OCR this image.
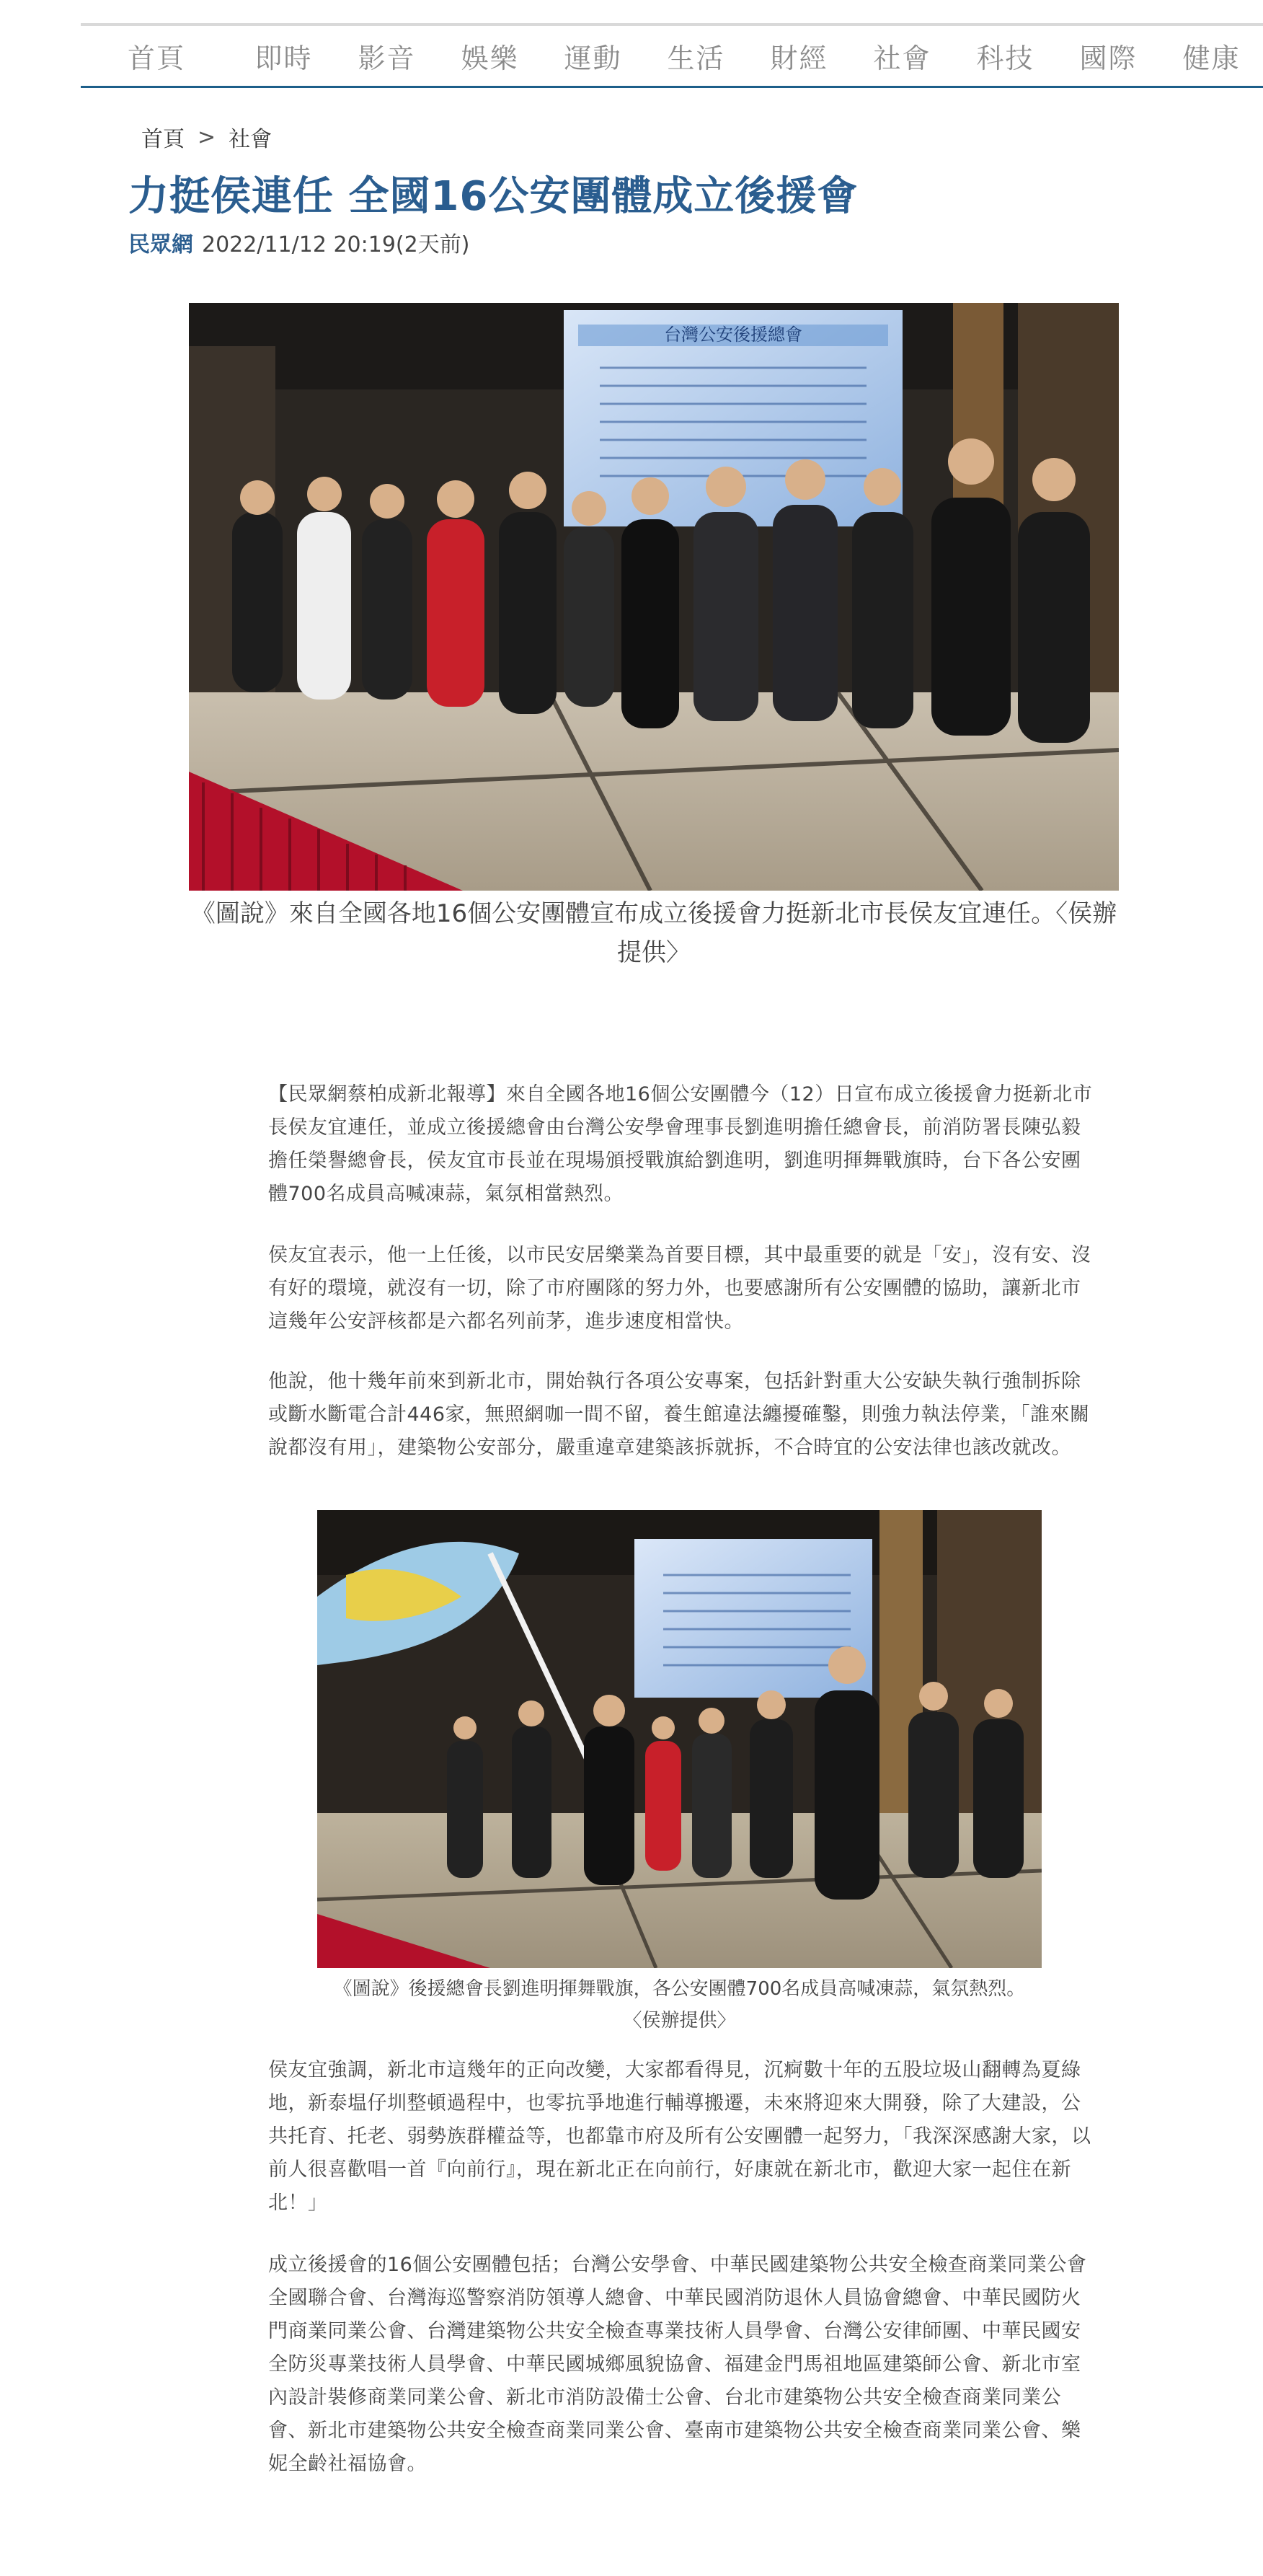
首頁	即時	影音	娛樂	運動	生活	財經	社會	科技	國際	健康
首頁 > 社會
力挺侯連任 全國16公安團體成立後援會
民眾網 2022/11/12 20:19(2天前)
台灣公安後援總會
《圖說》來自全國各地16個公安團體宣布成立後援會力挺新北市長侯友宜連任。〈侯辦提供〉

【民眾網蔡柏成新北報導】來自全國各地16個公安團體今（12）日宣布成立後援會力挺新北市長侯友宜連任，並成立後援總會由台灣公安學會理事長劉進明擔任總會長，前消防署長陳弘毅擔任榮譽總會長，侯友宜市長並在現場頒授戰旗給劉進明，劉進明揮舞戰旗時，台下各公安團體700名成員高喊凍蒜，氣氛相當熱烈。

侯友宜表示，他一上任後，以市民安居樂業為首要目標，其中最重要的就是「安」，沒有安、沒有好的環境，就沒有一切，除了市府團隊的努力外，也要感謝所有公安團體的協助，讓新北市這幾年公安評核都是六都名列前茅，進步速度相當快。

他說，他十幾年前來到新北市，開始執行各項公安專案，包括針對重大公安缺失執行強制拆除或斷水斷電合計446家，無照網咖一間不留，養生館違法纏擾確鑿，則強力執法停業，「誰來關說都沒有用」，建築物公安部分，嚴重違章建築該拆就拆，不合時宜的公安法律也該改就改。

《圖說》後援總會長劉進明揮舞戰旗，各公安團體700名成員高喊凍蒜，氣氛熱烈。
〈侯辦提供〉

侯友宜強調，新北市這幾年的正向改變，大家都看得見，沉痾數十年的五股垃圾山翻轉為夏綠地，新泰塭仔圳整頓過程中，也零抗爭地進行輔導搬遷，未來將迎來大開發，除了大建設，公共托育、托老、弱勢族群權益等，也都靠市府及所有公安團體一起努力，「我深深感謝大家，以前人很喜歡唱一首『向前行』，現在新北正在向前行，好康就在新北市，歡迎大家一起住在新北！」

成立後援會的16個公安團體包括；台灣公安學會、中華民國建築物公共安全檢查商業同業公會全國聯合會、台灣海巡警察消防領導人總會、中華民國消防退休人員協會總會、中華民國防火門商業同業公會、台灣建築物公共安全檢查專業技術人員學會、台灣公安律師團、中華民國安全防災專業技術人員學會、中華民國城鄉風貌協會、福建金門馬祖地區建築師公會、新北市室內設計裝修商業同業公會、新北市消防設備士公會、台北市建築物公共安全檢查商業同業公會、新北市建築物公共安全檢查商業同業公會、臺南市建築物公共安全檢查商業同業公會、樂妮全齡社福協會。
